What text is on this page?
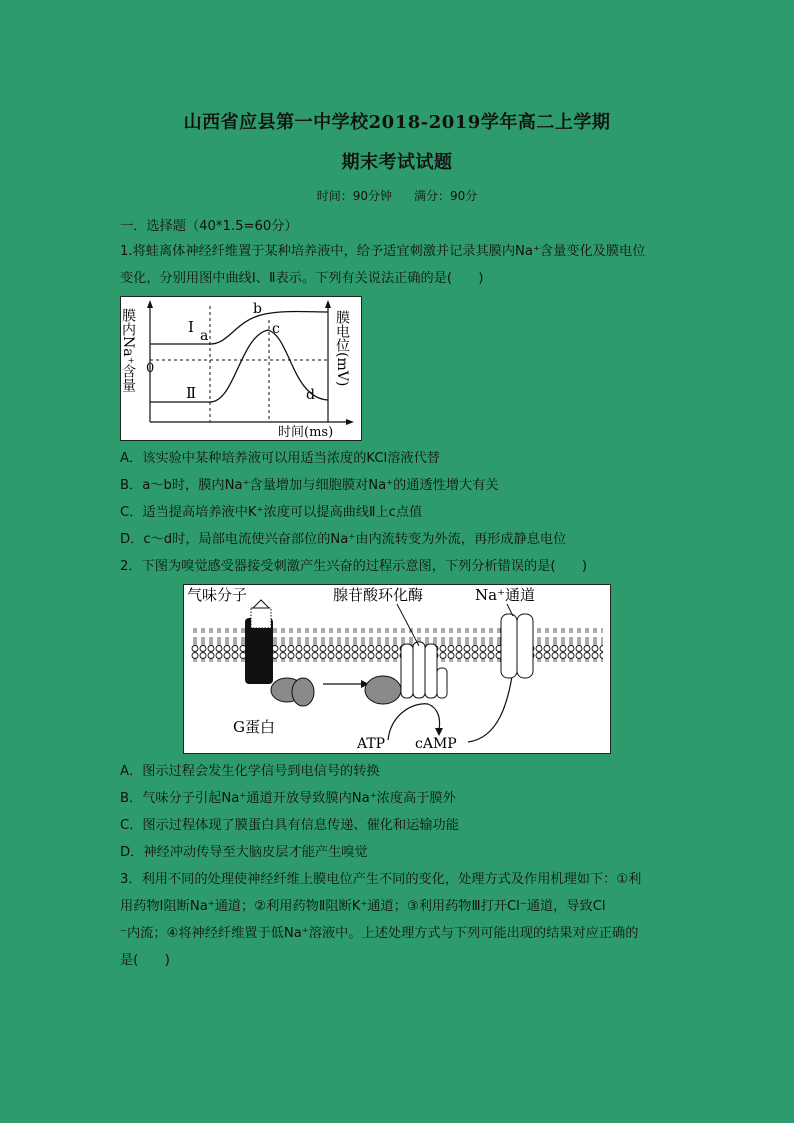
山西省应县第一中学校2018-2019学年高二上学期
期末考试试题
时间：90分钟 满分：90分
一．选择题（40*1.5=60分）
1.将蛙离体神经纤维置于某种培养液中，给予适宜刺激并记录其膜内Na⁺含量变化及膜电位
变化，分别用图中曲线Ⅰ、Ⅱ表示。下列有关说法正确的是(　　)
膜内Na⁺含量	膜电位(mV)
时间(ms)
0
Ⅰ
Ⅱ
a
b
c
d
A．该实验中某种培养液可以用适当浓度的KCl溶液代替
B．a～b时，膜内Na⁺含量增加与细胞膜对Na⁺的通透性增大有关
C．适当提高培养液中K⁺浓度可以提高曲线Ⅱ上c点值
D．c～d时，局部电流使兴奋部位的Na⁺由内流转变为外流，再形成静息电位
2．下图为嗅觉感受器接受刺激产生兴奋的过程示意图，下列分析错误的是(　　)
气味分子	腺苷酸环化酶	Na⁺通道
G蛋白
ATP cAMP
A．图示过程会发生化学信号到电信号的转换
B．气味分子引起Na⁺通道开放导致膜内Na⁺浓度高于膜外
C．图示过程体现了膜蛋白具有信息传递、催化和运输功能
D．神经冲动传导至大脑皮层才能产生嗅觉
3．利用不同的处理使神经纤维上膜电位产生不同的变化，处理方式及作用机理如下：①利
用药物Ⅰ阻断Na⁺通道；②利用药物Ⅱ阻断K⁺通道；③利用药物Ⅲ打开Cl⁻通道，导致Cl
⁻内流；④将神经纤维置于低Na⁺溶液中。上述处理方式与下列可能出现的结果对应正确的
是(　　)
